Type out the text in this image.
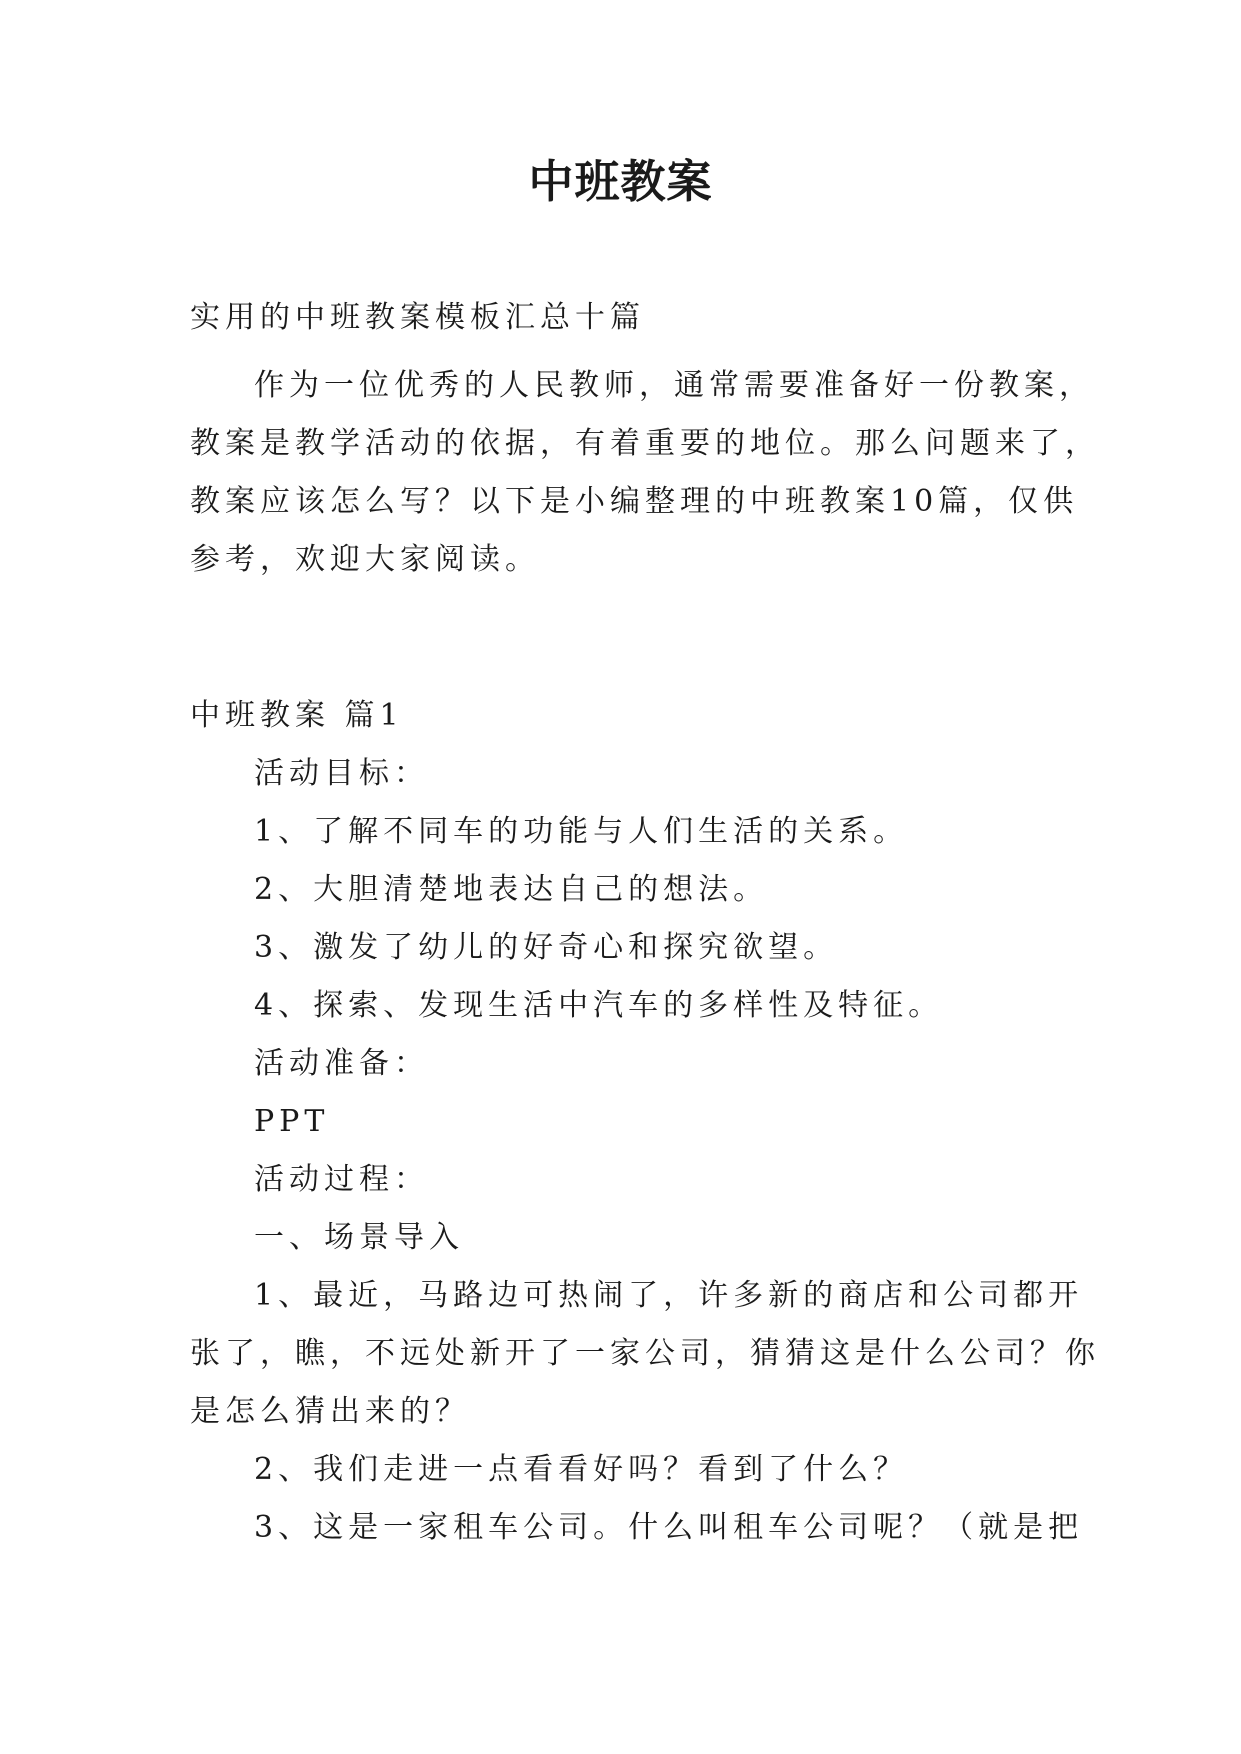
中班教案
实用的中班教案模板汇总十篇
作为一位优秀的人民教师，通常需要准备好一份教案，
教案是教学活动的依据，有着重要的地位。那么问题来了，
教案应该怎么写？以下是小编整理的中班教案10篇，仅供
参考，欢迎大家阅读。
中班教案 篇1
活动目标：
1、了解不同车的功能与人们生活的关系。
2、大胆清楚地表达自己的想法。
3、激发了幼儿的好奇心和探究欲望。
4、探索、发现生活中汽车的多样性及特征。
活动准备：
PPT
活动过程：
一、场景导入
1、最近，马路边可热闹了，许多新的商店和公司都开
张了，瞧，不远处新开了一家公司，猜猜这是什么公司？你
是怎么猜出来的？
2、我们走进一点看看好吗？看到了什么？
3、这是一家租车公司。什么叫租车公司呢？（就是把
